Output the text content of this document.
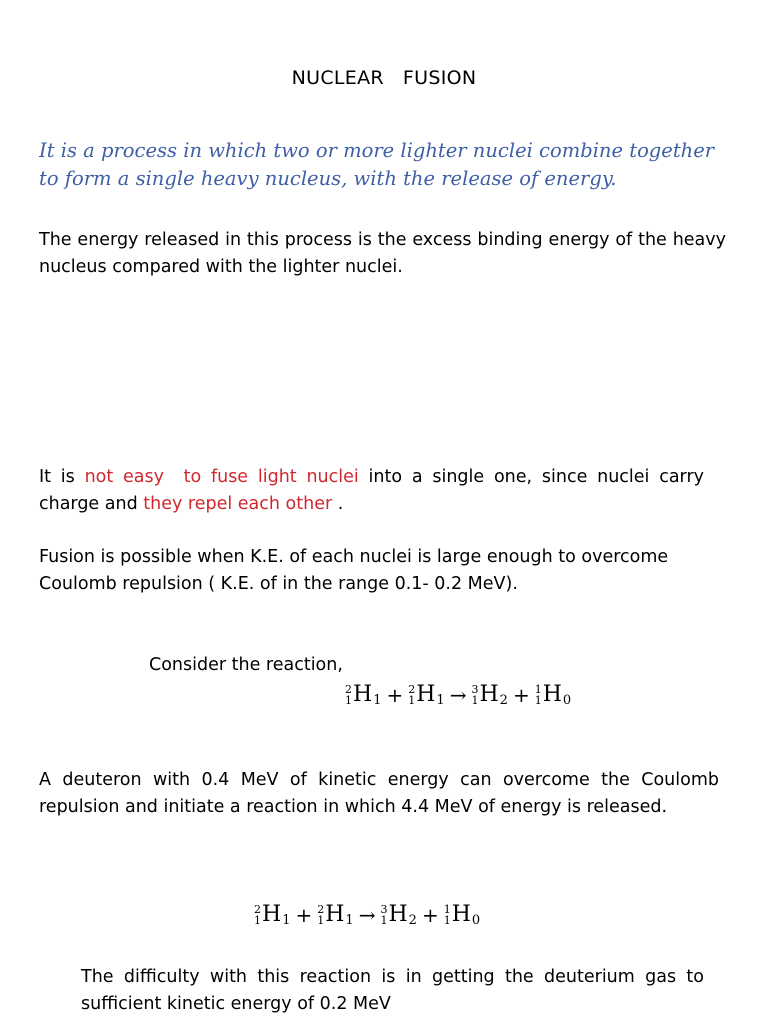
NUCLEAR   FUSION
It is a process in which two or more lighter nuclei combine together to form a single heavy nucleus, with the release of energy.
The energy released in this process is the excess binding energy of the heavy nucleus compared with the lighter nuclei.
It is not easy  to fuse light nuclei into a single one, since nuclei carry charge and they repel each other .
Fusion is possible when K.E. of each nuclei is large enough to overcome Coulomb repulsion ( K.E. of in the range 0.1- 0.2 MeV).
Consider the reaction,
2
1 H 1 + 2
1 H 1 → 3
1 H 2 + 1
1 H 0
A deuteron with 0.4 MeV of kinetic energy can overcome the Coulomb repulsion and initiate a reaction in which 4.4 MeV of energy is released.
2
1 H 1 + 2
1 H 1 → 3
1 H 2 + 1
1 H 0
The difficulty with this reaction is in getting the deuterium gas to sufficient kinetic energy of 0.2 MeV
